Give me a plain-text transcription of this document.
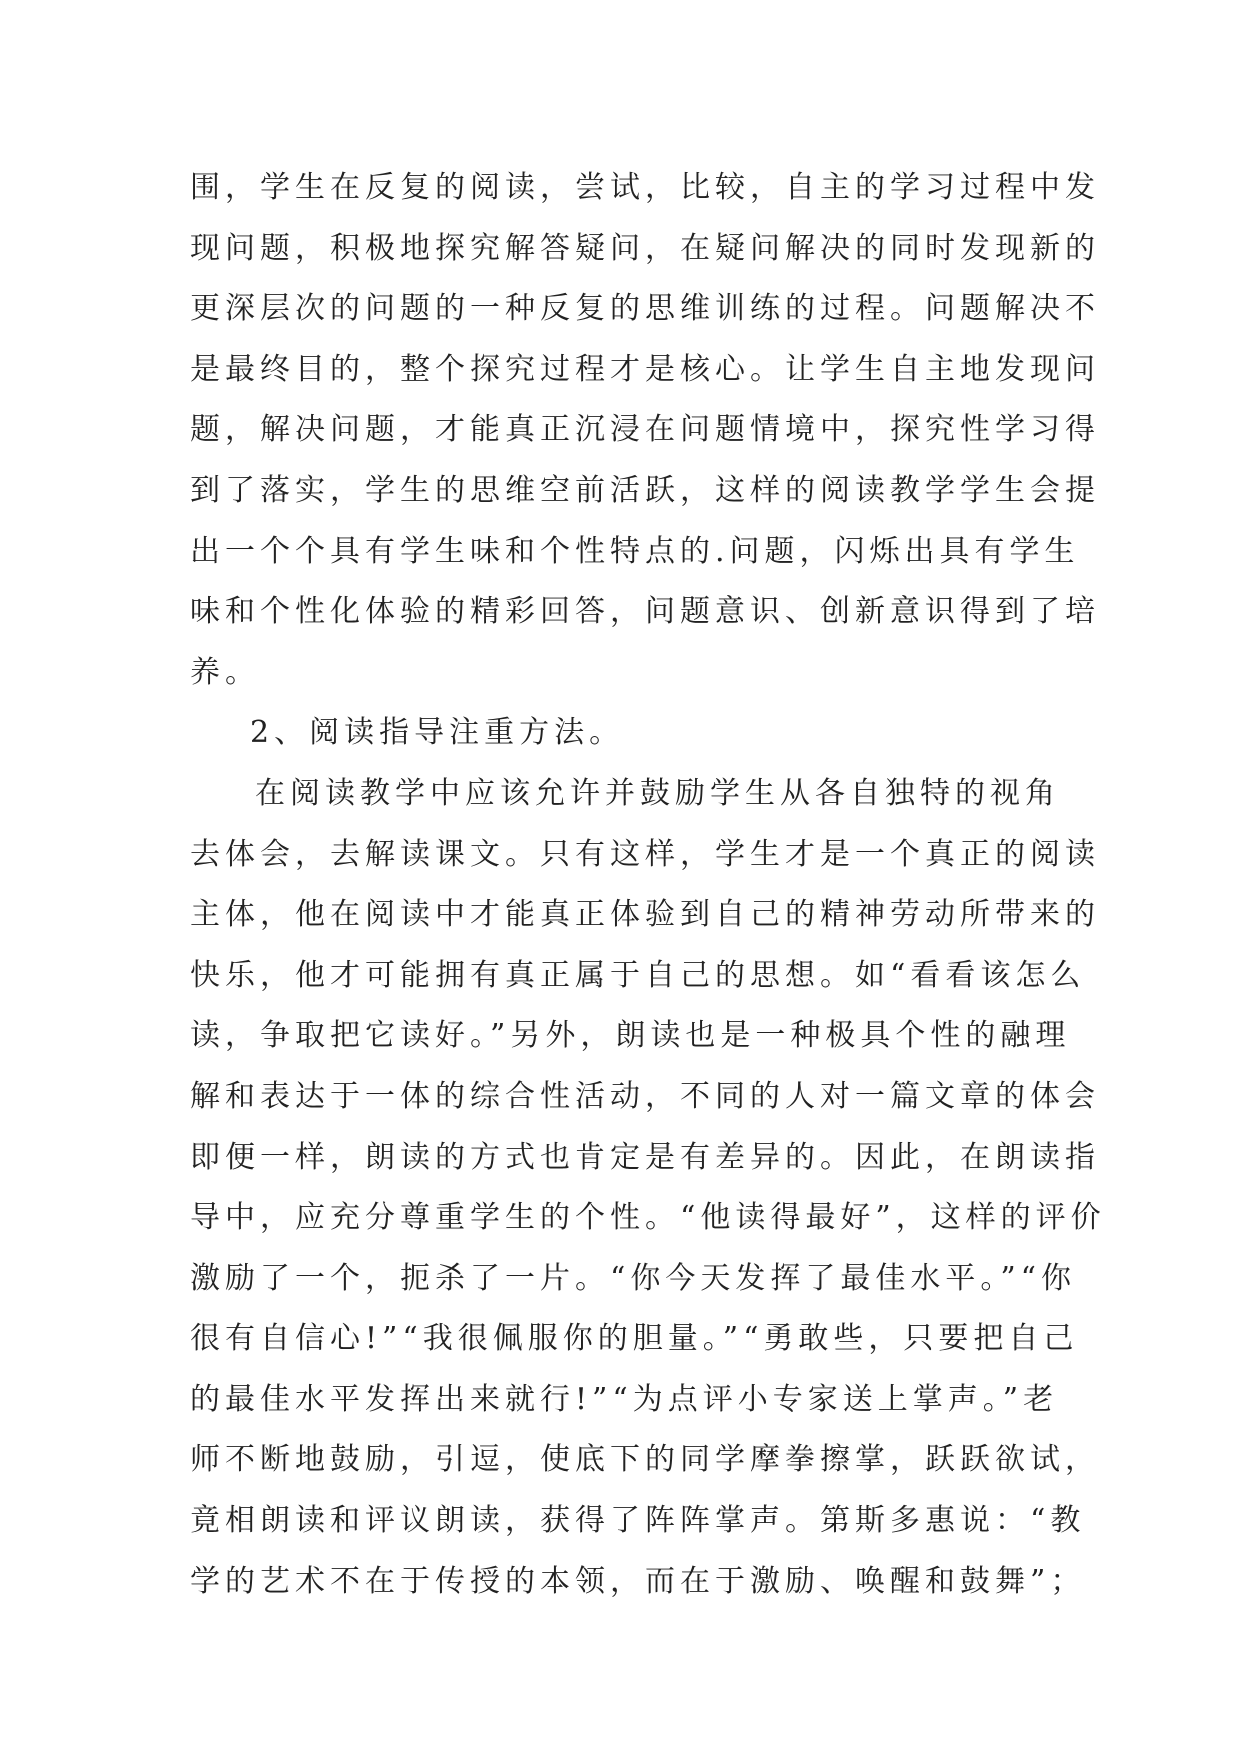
围，学生在反复的阅读，尝试，比较，自主的学习过程中发
现问题，积极地探究解答疑问，在疑问解决的同时发现新的
更深层次的问题的一种反复的思维训练的过程。问题解决不
是最终目的，整个探究过程才是核心。让学生自主地发现问
题，解决问题，才能真正沉浸在问题情境中，探究性学习得
到了落实，学生的思维空前活跃，这样的阅读教学学生会提
出一个个具有学生味和个性特点的.问题，闪烁出具有学生
味和个性化体验的精彩回答，问题意识、创新意识得到了培
养。
2、阅读指导注重方法。
在阅读教学中应该允许并鼓励学生从各自独特的视角
去体会，去解读课文。只有这样，学生才是一个真正的阅读
主体，他在阅读中才能真正体验到自己的精神劳动所带来的
快乐，他才可能拥有真正属于自己的思想。如“看看该怎么
读，争取把它读好。”另外，朗读也是一种极具个性的融理
解和表达于一体的综合性活动，不同的人对一篇文章的体会
即便一样，朗读的方式也肯定是有差异的。因此，在朗读指
导中，应充分尊重学生的个性。“他读得最好”，这样的评价
激励了一个，扼杀了一片。“你今天发挥了最佳水平。”“你
很有自信心!”“我很佩服你的胆量。”“勇敢些，只要把自己
的最佳水平发挥出来就行!”“为点评小专家送上掌声。”老
师不断地鼓励，引逗，使底下的同学摩拳擦掌，跃跃欲试，
竟相朗读和评议朗读，获得了阵阵掌声。第斯多惠说：“教
学的艺术不在于传授的本领，而在于激励、唤醒和鼓舞”；
